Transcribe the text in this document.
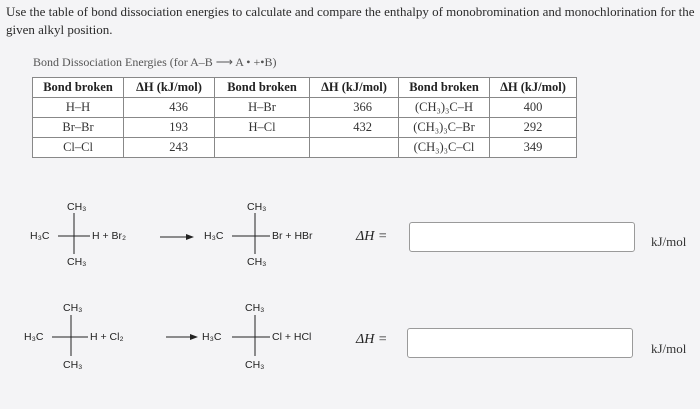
Use the table of bond dissociation energies to calculate and compare the enthalpy of monobromination and monochlorination for the given alkyl position.
Bond Dissociation Energies (for A–B ⟶ A • +•B)
Bond broken	ΔH (kJ/mol)	Bond broken	ΔH (kJ/mol)	Bond broken	ΔH (kJ/mol)
H–H	436	H–Br	366	(CH₃)₃C–H	400
Br–Br	193	H–Cl	432	(CH₃)₃C–Br	292
Cl–Cl	243			(CH₃)₃C–Cl	349
CH₃
H₃C	H + Br₂
CH₃
CH₃
H₃C	Br + HBr
CH₃
ΔH =	kJ/mol
CH₃
H₃C	H + Cl₂
CH₃
CH₃
H₃C	Cl + HCl
CH₃
ΔH =
kJ/mol
